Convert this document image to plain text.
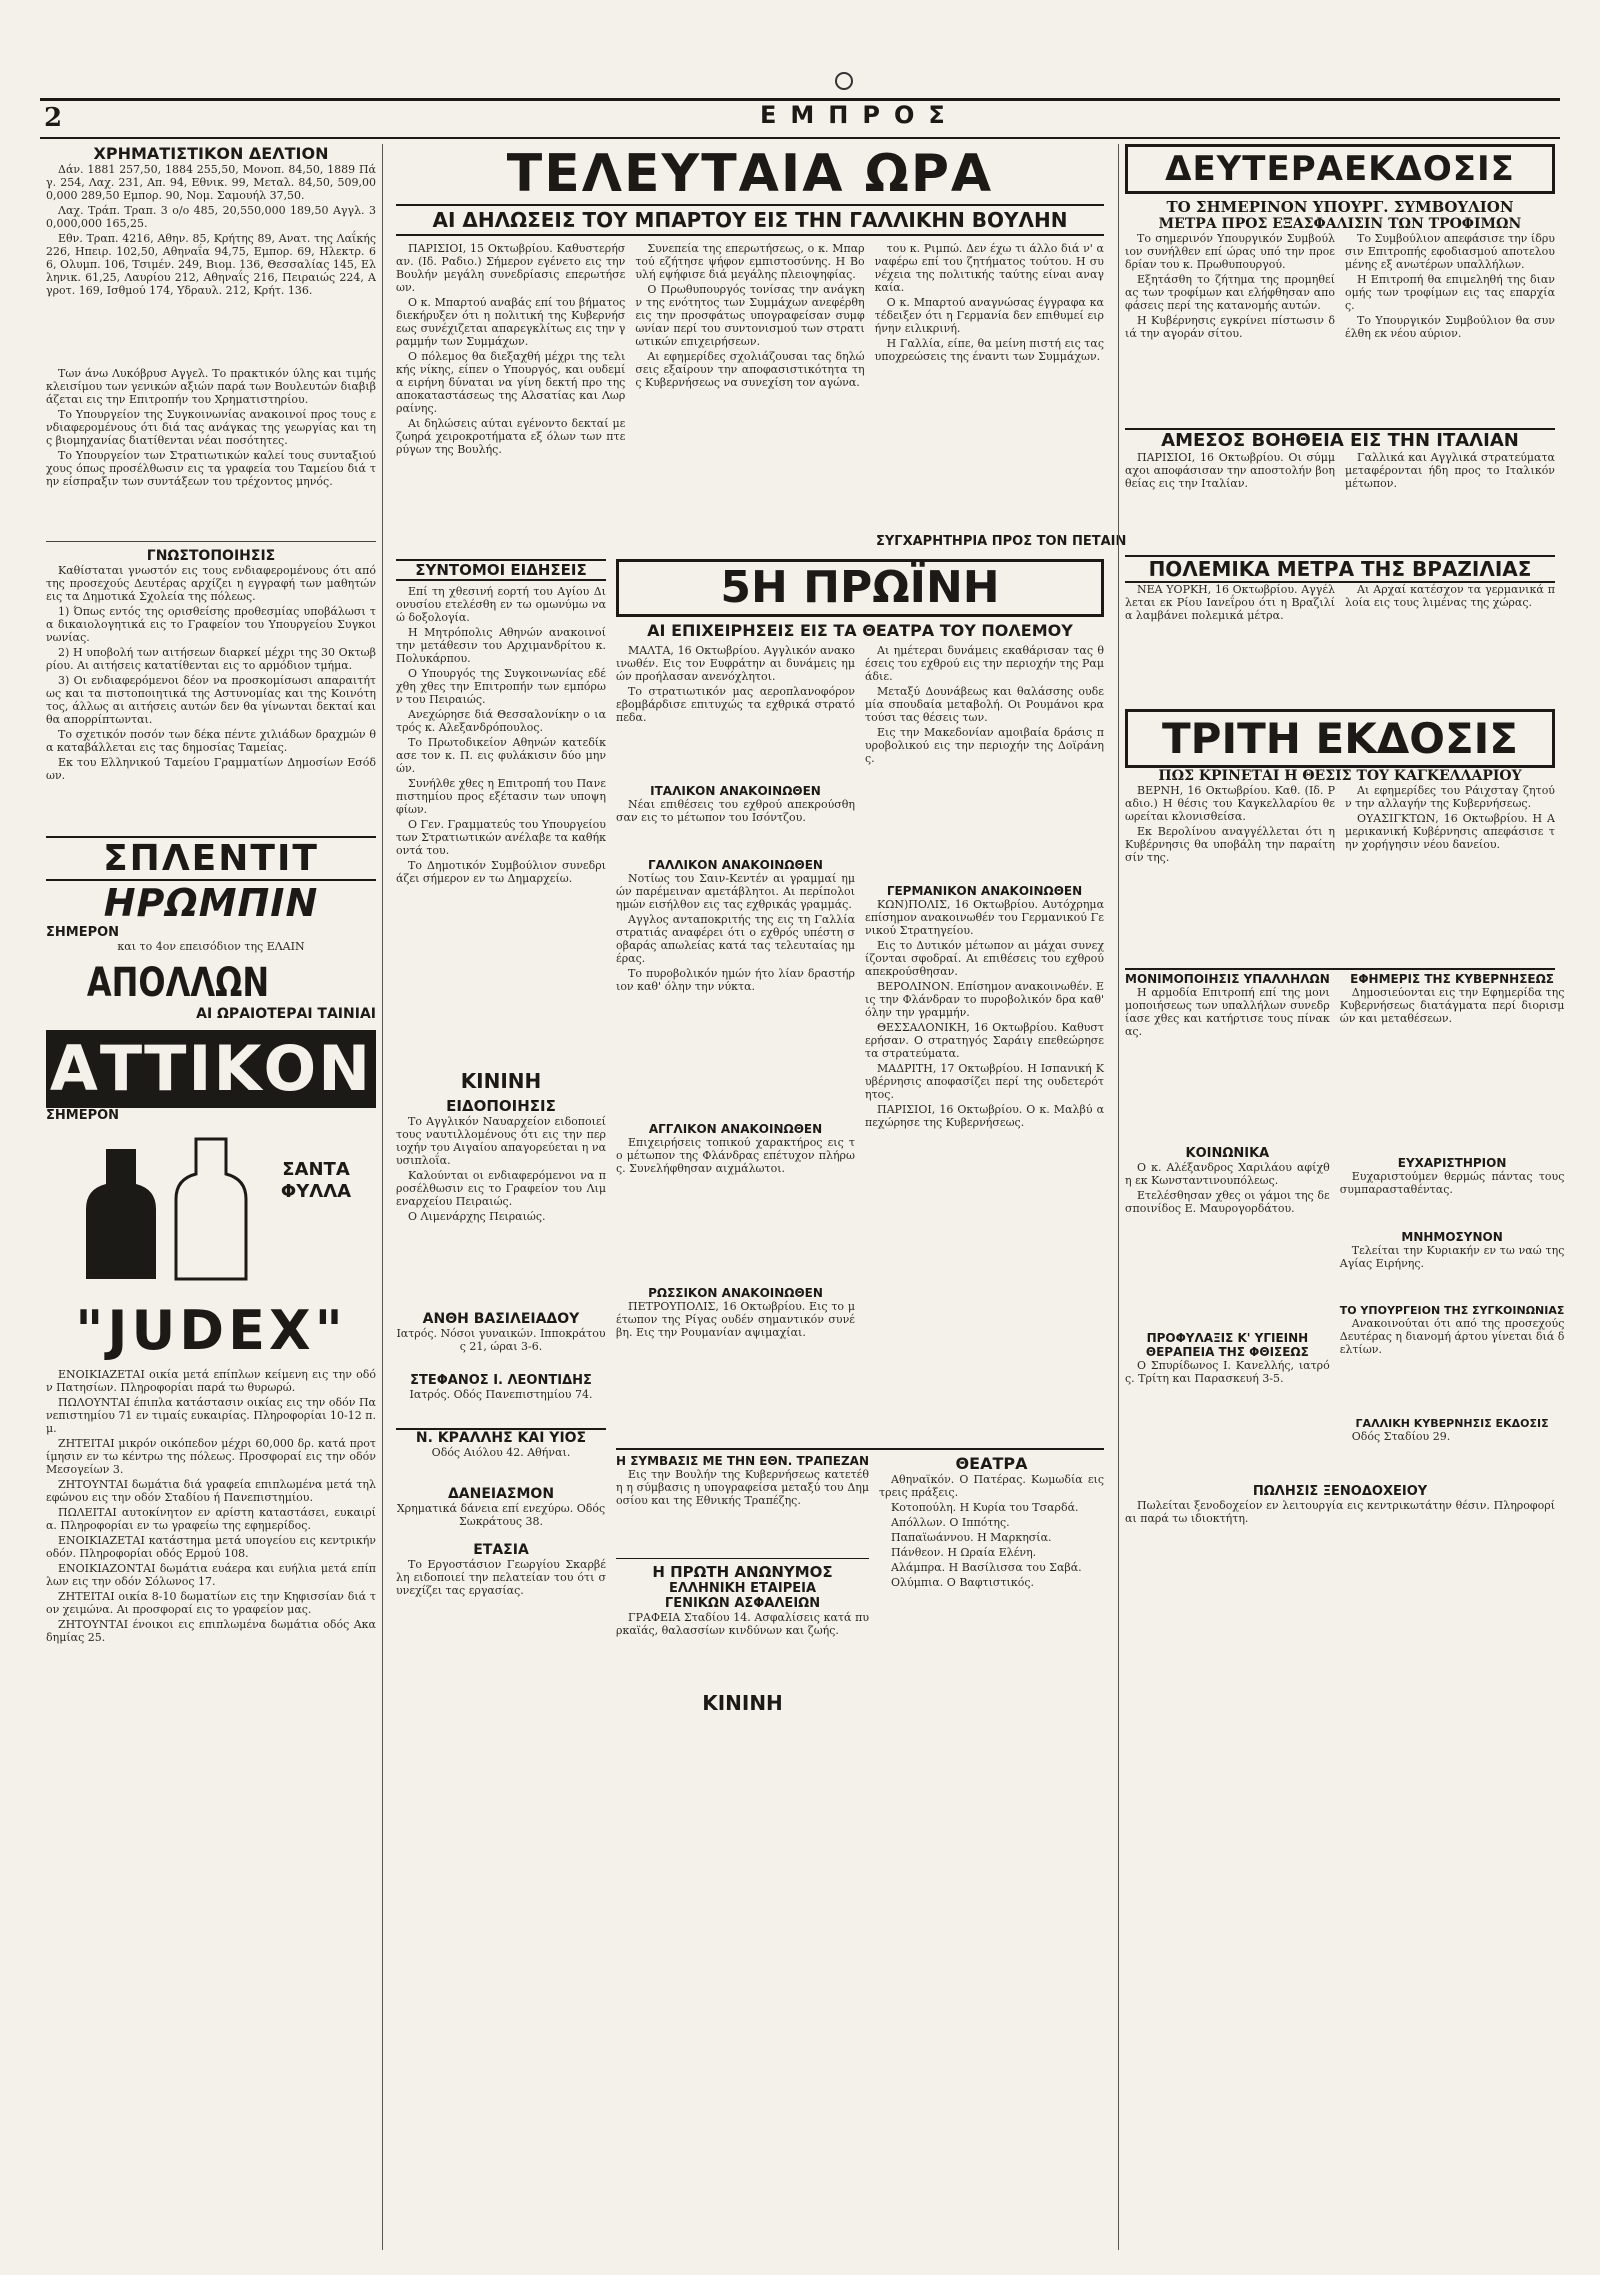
2	ΕΜΠΡΟΣ
ΧΡΗΜΑΤΙΣΤΙΚΟΝ ΔΕΛΤΙΟΝ

Δάν. 1881 257,50, 1884 255,50, Μονοπ. 84,50, 1889 Πάγ. 254, Λαχ. 231, Απ. 94, Εθνικ. 99, Μεταλ. 84,50, 509,000,000 289,50 Εμπορ. 90, Νομ. Σαμουήλ 37,50.

Λαχ. Τράπ. Τραπ. 3 ο/ο 485, 20,550,000 189,50 Αγγλ. 30,000,000 165,25.

Εθν. Τραπ. 4216, Αθην. 85, Κρήτης 89, Ανατ. της Λαΐκής 226, Ηπειρ. 102,50, Αθηναΐα 94,75, Εμπορ. 69, Ηλεκτρ. 66, Ολυμπ. 106, Τσιμέν. 249, Βιομ. 136, Θεσσαλίας 145, Ελληνικ. 61,25, Λαυρίου 212, Αθηναΐς 216, Πειραιώς 224, Αγροτ. 169, Ισθμού 174, Υδραυλ. 212, Κρήτ. 136.

Των άνω Λυκόβρυσ Αγγελ. Το πρακτικόν ύλης και τιμής κλεισίμου των γενικών αξιών παρά των Βουλευτών διαβιβάζεται εις την Επιτροπήν του Χρηματιστηρίου.

Το Υπουργείον της Συγκοινωνίας ανακοινοί προς τους ενδιαφερομένους ότι διά τας ανάγκας της γεωργίας και της βιομηχανίας διατίθενται νέαι ποσότητες.

Το Υπουργείον των Στρατιωτικών καλεί τους συνταξιούχους όπως προσέλθωσιν εις τα γραφεία του Ταμείου διά την είσπραξιν των συντάξεων του τρέχοντος μηνός.

ΓΝΩΣΤΟΠΟΙΗΣΙΣ

Καθίσταται γνωστόν εις τους ενδιαφερομένους ότι από της προσεχούς Δευτέρας αρχίζει η εγγραφή των μαθητών εις τα Δημοτικά Σχολεία της πόλεως.

1) Όπως εντός της ορισθείσης προθεσμίας υποβάλωσι τα δικαιολογητικά εις το Γραφείον του Υπουργείου Συγκοινωνίας.

2) Η υποβολή των αιτήσεων διαρκεί μέχρι της 30 Οκτωβρίου. Αι αιτήσεις κατατίθενται εις το αρμόδιον τμήμα.

3) Οι ενδιαφερόμενοι δέον να προσκομίσωσι απαραιτήτως και τα πιστοποιητικά της Αστυνομίας και της Κοινότητος, άλλως αι αιτήσεις αυτών δεν θα γίνωνται δεκταί και θα απορρίπτωνται.

Το σχετικόν ποσόν των δέκα πέντε χιλιάδων δραχμών θα καταβάλλεται εις τας δημοσίας Ταμείας.

Εκ του Ελληνικού Ταμείου Γραμματίων Δημοσίων Εσόδων.

ΣΠΛΕΝΤΙΤ
ΗΡΩΜΠΙΝ
ΣΗΜΕΡΟΝ
και το 4ον επεισόδιον της ΕΛΑΙΝ
ΑΠΟΛΛΩΝ
ΑΙ ΩΡΑΙΟΤΕΡΑΙ ΤΑΙΝΙΑΙ
ΑΤΤΙΚΟΝ
ΣΗΜΕΡΟΝ
ΣΑΝΤΑ ΦΥΛΛΑ
"JUDEX"

ΕΝΟΙΚΙΑΖΕΤΑΙ οικία μετά επίπλων κείμενη εις την οδόν Πατησίων. Πληροφορίαι παρά τω θυρωρώ.

ΠΩΛΟΥΝΤΑΙ έπιπλα κατάστασιν οικίας εις την οδόν Πανεπιστημίου 71 εν τιμαίς ευκαιρίας. Πληροφορίαι 10-12 π.μ.

ΖΗΤΕΙΤΑΙ μικρόν οικόπεδον μέχρι 60,000 δρ. κατά προτίμησιν εν τω κέντρω της πόλεως. Προσφοραί εις την οδόν Μεσογείων 3.

ΖΗΤΟΥΝΤΑΙ δωμάτια διά γραφεία επιπλωμένα μετά τηλεφώνου εις την οδόν Σταδίου ή Πανεπιστημίου.

ΠΩΛΕΙΤΑΙ αυτοκίνητον εν αρίστη καταστάσει, ευκαιρία. Πληροφορίαι εν τω γραφείω της εφημερίδος.

ΕΝΟΙΚΙΑΖΕΤΑΙ κατάστημα μετά υπογείου εις κεντρικήν οδόν. Πληροφορίαι οδός Ερμού 108.

ΕΝΟΙΚΙΑΖΟΝΤΑΙ δωμάτια ευάερα και ευήλια μετά επίπλων εις την οδόν Σόλωνος 17.

ΖΗΤΕΙΤΑΙ οικία 8-10 δωματίων εις την Κηφισσίαν διά τον χειμώνα. Αι προσφοραί εις το γραφείον μας.

ΖΗΤΟΥΝΤΑΙ ένοικοι εις επιπλωμένα δωμάτια οδός Ακαδημίας 25.

ΤΕΛΕΥΤΑΙΑ ΩΡΑ
ΑΙ ΔΗΛΩΣΕΙΣ ΤΟΥ ΜΠΑΡΤΟΥ ΕΙΣ ΤΗΝ ΓΑΛΛΙΚΗΝ ΒΟΥΛΗΝ

ΠΑΡΙΣΙΟΙ, 15 Οκτωβρίου. Καθυστερήσαν. (Ιδ. Ραδιο.) Σήμερον εγένετο εις την Βουλήν μεγάλη συνεδρίασις επερωτήσεων.

Ο κ. Μπαρτού αναβάς επί του βήματος διεκήρυξεν ότι η πολιτική της Κυβερνήσεως συνέχιζεται απαρεγκλίτως εις την γραμμήν των Συμμάχων.

Ο πόλεμος θα διεξαχθή μέχρι της τελικής νίκης, είπεν ο Υπουργός, και ουδεμία ειρήνη δύναται να γίνη δεκτή προ της αποκαταστάσεως της Αλσατίας και Λωρραίνης.

Αι δηλώσεις αύται εγένοντο δεκταί με ζωηρά χειροκροτήματα εξ όλων των πτερύγων της Βουλής.

Συνεπεία της επερωτήσεως, ο κ. Μπαρτού εζήτησε ψήφον εμπιστοσύνης. Η Βουλή εψήφισε διά μεγάλης πλειοψηφίας.

Ο Πρωθυπουργός τονίσας την ανάγκην της ενότητος των Συμμάχων ανεφέρθη εις την προσφάτως υπογραφείσαν συμφωνίαν περί του συντονισμού των στρατιωτικών επιχειρήσεων.

Αι εφημερίδες σχολιάζουσαι τας δηλώσεις εξαίρουν την αποφασιστικότητα της Κυβερνήσεως να συνεχίση τον αγώνα.

του κ. Ριμπώ. Δεν έχω τι άλλο διά ν' αναφέρω επί του ζητήματος τούτου. Η συνέχεια της πολιτικής ταύτης είναι αναγκαία.

Ο κ. Μπαρτού αναγνώσας έγγραφα κατέδειξεν ότι η Γερμανία δεν επιθυμεί ειρήνην ειλικρινή.

Η Γαλλία, είπε, θα μείνη πιστή εις τας υποχρεώσεις της έναντι των Συμμάχων.

ΣΥΓΧΑΡΗΤΗΡΙΑ ΠΡΟΣ ΤΟΝ ΠΕΤΑΙΝ
ΣΥΝΤΟΜΟΙ ΕΙΔΗΣΕΙΣ

Επί τη χθεσινή εορτή του Αγίου Διονυσίου ετελέσθη εν τω ομωνύμω ναώ δοξολογία.

Η Μητρόπολις Αθηνών ανακοινοί την μετάθεσιν του Αρχιμανδρίτου κ. Πολυκάρπου.

Ο Υπουργός της Συγκοινωνίας εδέχθη χθες την Επιτροπήν των εμπόρων του Πειραιώς.

Ανεχώρησε διά Θεσσαλονίκην ο ιατρός κ. Αλεξανδρόπουλος.

Το Πρωτοδικείον Αθηνών κατεδίκασε τον κ. Π. εις φυλάκισιν δύο μηνών.

Συνήλθε χθες η Επιτροπή του Πανεπιστημίου προς εξέτασιν των υποψηφίων.

Ο Γεν. Γραμματεύς του Υπουργείου των Στρατιωτικών ανέλαβε τα καθήκοντά του.

Το Δημοτικόν Συμβούλιον συνεδριάζει σήμερον εν τω Δημαρχείω.

ΚΙΝΙΝΗ
ΕΙΔΟΠΟΙΗΣΙΣ

Το Αγγλικόν Ναυαρχείον ειδοποιεί τους ναυτιλλομένους ότι εις την περιοχήν του Αιγαίου απαγορεύεται η ναυσιπλοΐα.

Καλούνται οι ενδιαφερόμενοι να προσέλθωσιν εις το Γραφείον του Λιμεναρχείου Πειραιώς.

Ο Λιμενάρχης Πειραιώς.

ΑΝΘΗ ΒΑΣΙΛΕΙΑΔΟΥ
Ιατρός. Νόσοι γυναικών. Ιπποκράτους 21, ώραι 3-6.
ΣΤΕΦΑΝΟΣ Ι. ΛΕΟΝΤΙΔΗΣ
Ιατρός. Οδός Πανεπιστημίου 74.
Ν. ΚΡΑΛΛΗΣ ΚΑΙ ΥΙΟΣ
Οδός Αιόλου 42. Αθήναι.
ΔΑΝΕΙΑΣΜΟΝ
Χρηματικά δάνεια επί ενεχύρω. Οδός Σωκράτους 38.
ΕΤΑΣΙΑ

Το Εργοστάσιον Γεωργίου Σκαρβέλη ειδοποιεί την πελατείαν του ότι συνεχίζει τας εργασίας.

5Η ΠΡΩΪΝΗ
ΑΙ ΕΠΙΧΕΙΡΗΣΕΙΣ ΕΙΣ ΤΑ ΘΕΑΤΡΑ ΤΟΥ ΠΟΛΕΜΟΥ

ΜΑΛΤΑ, 16 Οκτωβρίου. Αγγλικόν ανακοινωθέν. Εις τον Ευφράτην αι δυνάμεις ημών προήλασαν ανενόχλητοι.

Το στρατιωτικόν μας αεροπλανοφόρον εβομβάρδισε επιτυχώς τα εχθρικά στρατόπεδα.

ΙΤΑΛΙΚΟΝ ΑΝΑΚΟΙΝΩΘΕΝ

Νέαι επιθέσεις του εχθρού απεκρούσθησαν εις το μέτωπον του Ισόντζου.

ΓΑΛΛΙΚΟΝ ΑΝΑΚΟΙΝΩΘΕΝ

Νοτίως του Σαιν-Κεντέν αι γραμμαί ημών παρέμειναν αμετάβλητοι. Αι περίπολοι ημών εισήλθον εις τας εχθρικάς γραμμάς.

Αγγλος ανταποκριτής της εις τη Γαλλία στρατιάς αναφέρει ότι ο εχθρός υπέστη σοβαράς απωλείας κατά τας τελευταίας ημέρας.

Το πυροβολικόν ημών ήτο λίαν δραστήριον καθ' όλην την νύκτα.

ΑΓΓΛΙΚΟΝ ΑΝΑΚΟΙΝΩΘΕΝ

Επιχειρήσεις τοπικού χαρακτήρος εις το μέτωπον της Φλάνδρας επέτυχον πλήρως. Συνελήφθησαν αιχμάλωτοι.

ΡΩΣΣΙΚΟΝ ΑΝΑΚΟΙΝΩΘΕΝ

ΠΕΤΡΟΥΠΟΛΙΣ, 16 Οκτωβρίου. Εις το μέτωπον της Ρίγας ουδέν σημαντικόν συνέβη. Εις την Ρουμανίαν αψιμαχίαι.

Αι ημέτεραι δυνάμεις εκαθάρισαν τας θέσεις του εχθρού εις την περιοχήν της Ραμάδιε.

Μεταξύ Δουνάβεως και θαλάσσης ουδεμία σπουδαία μεταβολή. Οι Ρουμάνοι κρατούσι τας θέσεις των.

Εις την Μακεδονίαν αμοιβαία δράσις πυροβολικού εις την περιοχήν της Δοϊράνης.

ΓΕΡΜΑΝΙΚΟΝ ΑΝΑΚΟΙΝΩΘΕΝ

ΚΩΝ)ΠΟΛΙΣ, 16 Οκτωβρίου. Αυτόχρημα επίσημον ανακοινωθέν του Γερμανικού Γενικού Στρατηγείου.

Εις το Δυτικόν μέτωπον αι μάχαι συνεχίζονται σφοδραί. Αι επιθέσεις του εχθρού απεκρούσθησαν.

ΒΕΡΟΛΙΝΟΝ. Επίσημον ανακοινωθέν. Εις την Φλάνδραν το πυροβολικόν δρα καθ' όλην την γραμμήν.

ΘΕΣΣΑΛΟΝΙΚΗ, 16 Οκτωβρίου. Καθυστερήσαν. Ο στρατηγός Σαράιγ επεθεώρησε τα στρατεύματα.

ΜΑΔΡΙΤΗ, 17 Οκτωβρίου. Η Ισπανική Κυβέρνησις αποφασίζει περί της ουδετερότητος.

ΠΑΡΙΣΙΟΙ, 16 Οκτωβρίου. Ο κ. Μαλβύ απεχώρησε της Κυβερνήσεως.

Η ΣΥΜΒΑΣΙΣ ΜΕ ΤΗΝ ΕΘΝ. ΤΡΑΠΕΖΑΝ

Εις την Βουλήν της Κυβερνήσεως κατετέθη η σύμβασις η υπογραφείσα μεταξύ του Δημοσίου και της Εθνικής Τραπέζης.

Η ΠΡΩΤΗ ΑΝΩΝΥΜΟΣ
ΕΛΛΗΝΙΚΗ ΕΤΑΙΡΕΙΑ
ΓΕΝΙΚΩΝ ΑΣΦΑΛΕΙΩΝ

ΓΡΑΦΕΙΑ Σταδίου 14. Ασφαλίσεις κατά πυρκαϊάς, θαλασσίων κινδύνων και ζωής.

ΚΙΝΙΝΗ
ΘΕΑΤΡΑ

Αθηναϊκόν. Ο Πατέρας. Κωμωδία εις τρεις πράξεις.

Κοτοπούλη. Η Κυρία του Τσαρδά.

Απόλλων. Ο Ιππότης.

Παπαϊωάννου. Η Μαρκησία.

Πάνθεον. Η Ωραία Ελένη.

Αλάμπρα. Η Βασίλισσα του Σαβά.

Ολύμπια. Ο Βαφτιστικός.

ΔΕΥΤΕΡΑΕΚΔΟΣΙΣ
ΤΟ ΣΗΜΕΡΙΝΟΝ ΥΠΟΥΡΓ. ΣΥΜΒΟΥΛΙΟΝ
ΜΕΤΡΑ ΠΡΟΣ ΕΞΑΣΦΑΛΙΣΙΝ ΤΩΝ ΤΡΟΦΙΜΩΝ

Το σημερινόν Υπουργικόν Συμβούλιον συνήλθεν επί ώρας υπό την προεδρίαν του κ. Πρωθυπουργού.

Εξητάσθη το ζήτημα της προμηθείας των τροφίμων και ελήφθησαν αποφάσεις περί της κατανομής αυτών.

Η Κυβέρνησις εγκρίνει πίστωσιν διά την αγοράν σίτου.

Το Συμβούλιον απεφάσισε την ίδρυσιν Επιτροπής εφοδιασμού αποτελουμένης εξ ανωτέρων υπαλλήλων.

Η Επιτροπή θα επιμεληθή της διανομής των τροφίμων εις τας επαρχίας.

Το Υπουργικόν Συμβούλιον θα συνέλθη εκ νέου αύριον.

ΑΜΕΣΟΣ ΒΟΗΘΕΙΑ ΕΙΣ ΤΗΝ ΙΤΑΛΙΑΝ

ΠΑΡΙΣΙΟΙ, 16 Οκτωβρίου. Οι σύμμαχοι αποφάσισαν την αποστολήν βοηθείας εις την Ιταλίαν.

Γαλλικά και Αγγλικά στρατεύματα μεταφέρονται ήδη προς το Ιταλικόν μέτωπον.

ΠΟΛΕΜΙΚΑ ΜΕΤΡΑ ΤΗΣ ΒΡΑΖΙΛΙΑΣ

ΝΕΑ ΥΟΡΚΗ, 16 Οκτωβρίου. Αγγέλλεται εκ Ρίου Ιανεΐρου ότι η Βραζιλία λαμβάνει πολεμικά μέτρα.

Αι Αρχαί κατέσχον τα γερμανικά πλοία εις τους λιμένας της χώρας.

ΤΡΙΤΗ ΕΚΔΟΣΙΣ
ΠΩΣ ΚΡΙΝΕΤΑΙ Η ΘΕΣΙΣ ΤΟΥ ΚΑΓΚΕΛΛΑΡΙΟΥ

ΒΕΡΝΗ, 16 Οκτωβρίου. Καθ. (Ιδ. Ραδιο.) Η θέσις του Καγκελλαρίου θεωρείται κλονισθείσα.

Εκ Βερολίνου αναγγέλλεται ότι η Κυβέρνησις θα υποβάλη την παραίτησίν της.

Αι εφημερίδες του Ράιχσταγ ζητούν την αλλαγήν της Κυβερνήσεως.

ΟΥΑΣΙΓΚΤΩΝ, 16 Οκτωβρίου. Η Αμερικανική Κυβέρνησις απεφάσισε την χορήγησιν νέου δανείου.

ΜΟΝΙΜΟΠΟΙΗΣΙΣ ΥΠΑΛΛΗΛΩΝ

Η αρμοδία Επιτροπή επί της μονιμοποιήσεως των υπαλλήλων συνεδρίασε χθες και κατήρτισε τους πίνακας.

ΚΟΙΝΩΝΙΚΑ

Ο κ. Αλέξανδρος Χαριλάου αφίχθη εκ Κωνσταντινουπόλεως.

Ετελέσθησαν χθες οι γάμοι της δεσποινίδος Ε. Μαυρογορδάτου.

ΠΡΟΦΥΛΑΞΙΣ Κ' ΥΓΙΕΙΝΗ
ΘΕΡΑΠΕΙΑ ΤΗΣ ΦΘΙΣΕΩΣ

Ο Σπυρίδωνος Ι. Κανελλής, ιατρός. Τρίτη και Παρασκευή 3-5.

ΕΦΗΜΕΡΙΣ ΤΗΣ ΚΥΒΕΡΝΗΣΕΩΣ

Δημοσιεύονται εις την Εφημερίδα της Κυβερνήσεως διατάγματα περί διορισμών και μεταθέσεων.

ΕΥΧΑΡΙΣΤΗΡΙΟΝ

Ευχαριστούμεν θερμώς πάντας τους συμπαρασταθέντας.

ΜΝΗΜΟΣΥΝΟΝ

Τελείται την Κυριακήν εν τω ναώ της Αγίας Ειρήνης.

ΤΟ ΥΠΟΥΡΓΕΙΟΝ ΤΗΣ ΣΥΓΚΟΙΝΩΝΙΑΣ

Ανακοινούται ότι από της προσεχούς Δευτέρας η διανομή άρτου γίνεται διά δελτίων.

ΓΑΛΛΙΚΗ ΚΥΒΕΡΝΗΣΙΣ ΕΚΔΟΣΙΣ

Οδός Σταδίου 29.

ΠΩΛΗΣΙΣ ΞΕΝΟΔΟΧΕΙΟΥ

Πωλείται ξενοδοχείον εν λειτουργία εις κεντρικωτάτην θέσιν. Πληροφορίαι παρά τω ιδιοκτήτη.
